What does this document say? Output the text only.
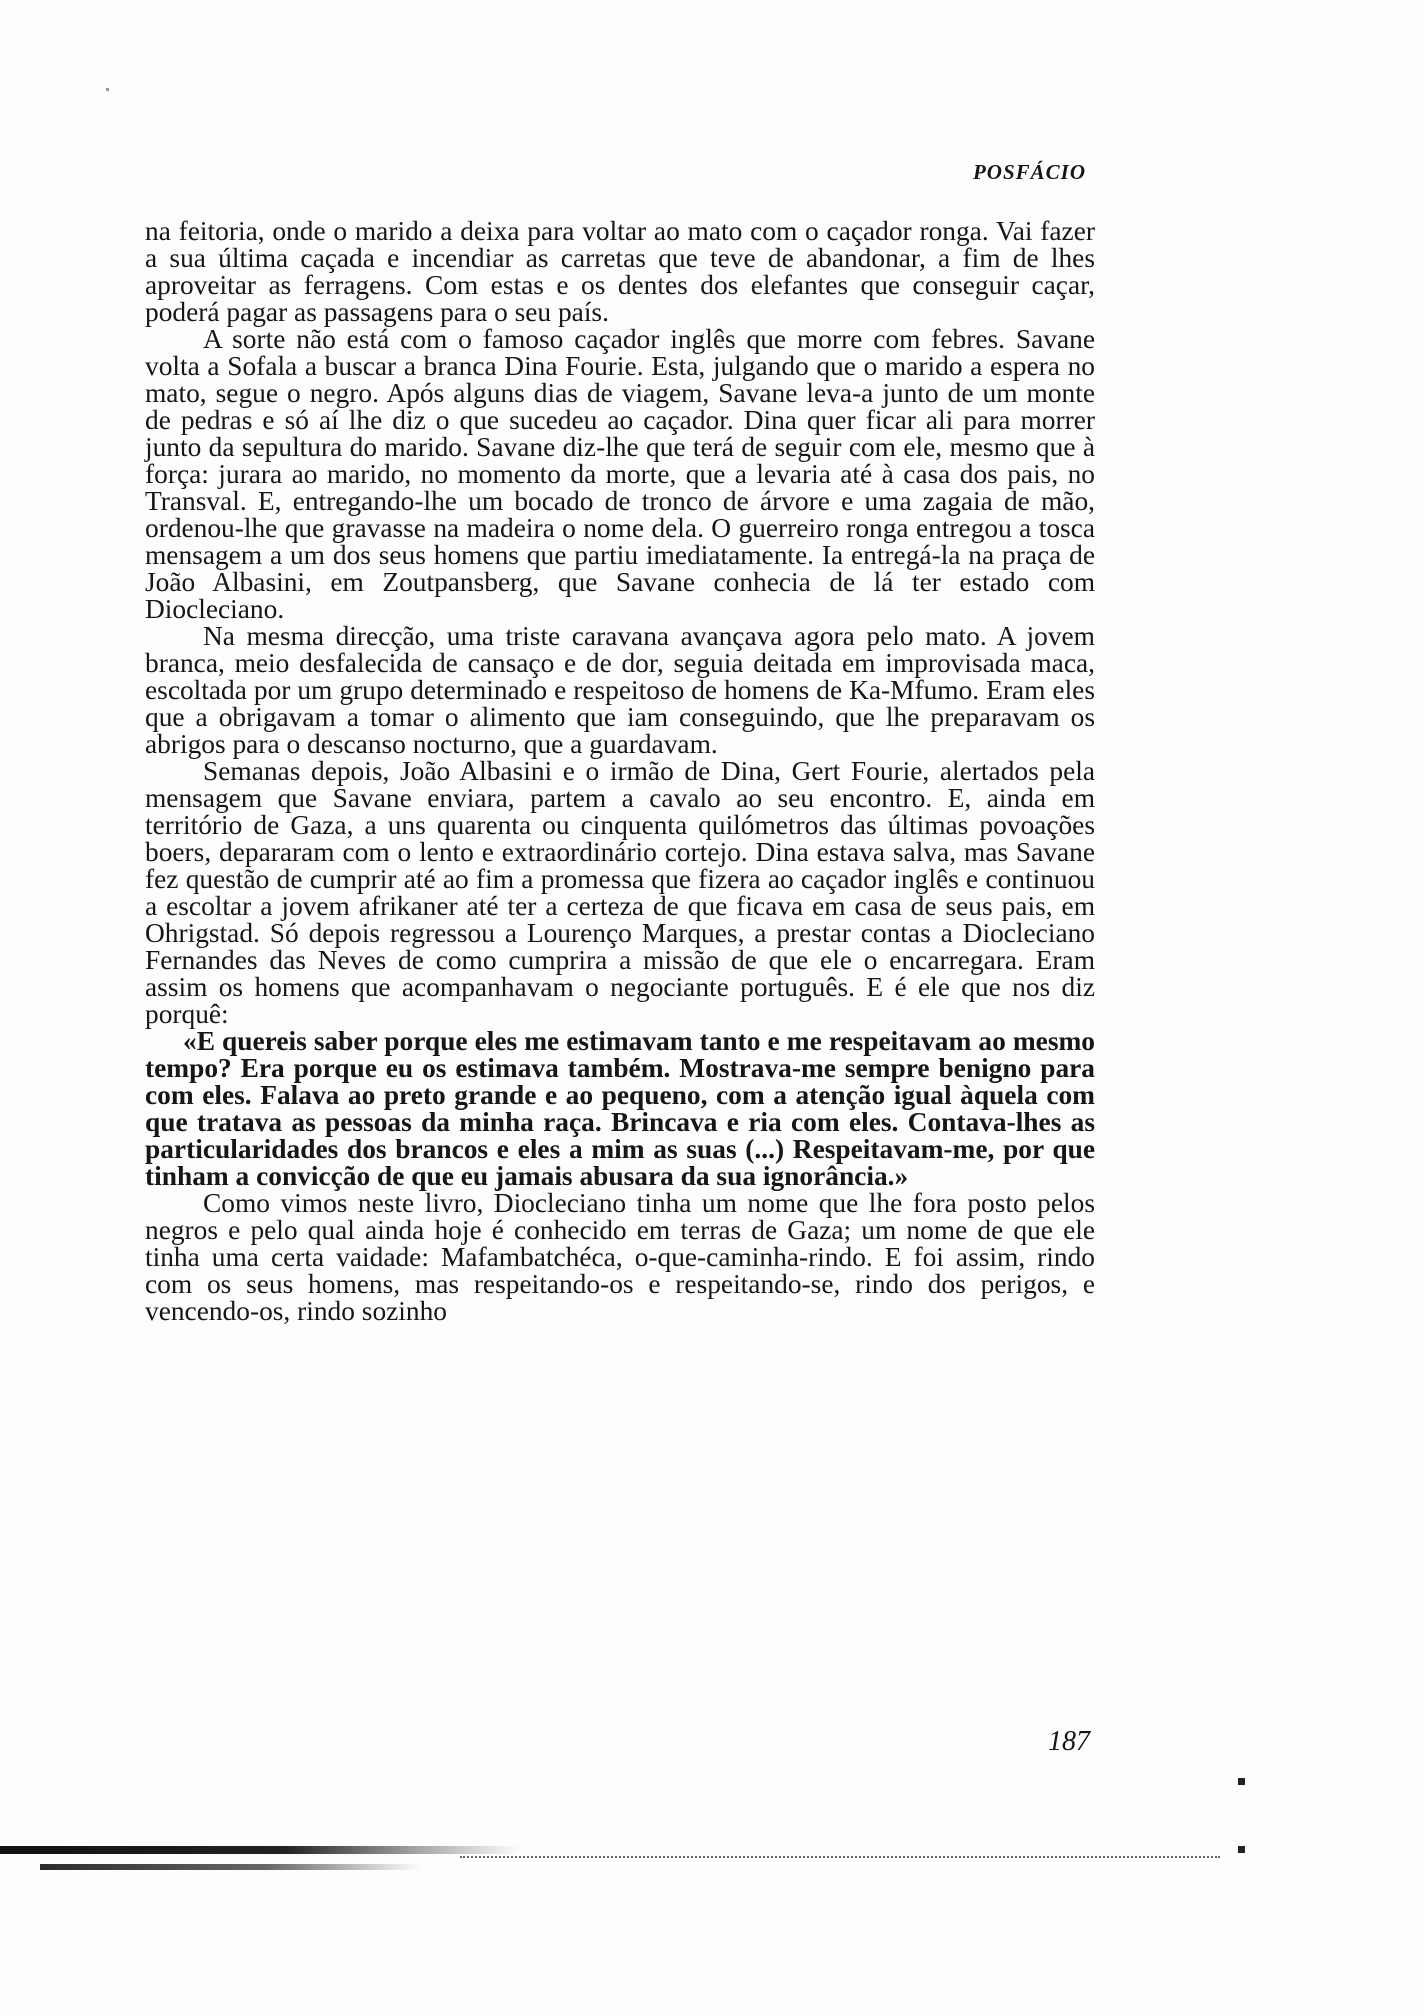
POSFÁCIO

na feitoria, onde o marido a deixa para voltar ao mato com o caçador ronga. Vai fazer a sua última caçada e incendiar as carretas que teve de abandonar, a fim de lhes aproveitar as ferragens. Com estas e os dentes dos elefantes que conseguir caçar, poderá pagar as passagens para o seu país.

A sorte não está com o famoso caçador inglês que morre com febres. Savane volta a Sofala a buscar a branca Dina Fourie. Esta, julgando que o marido a espera no mato, segue o negro. Após alguns dias de viagem, Savane leva-a junto de um monte de pedras e só aí lhe diz o que sucedeu ao caçador. Dina quer ficar ali para morrer junto da sepultura do marido. Savane diz-lhe que terá de seguir com ele, mesmo que à força: jurara ao marido, no momento da morte, que a levaria até à casa dos pais, no Transval. E, entregando-lhe um bocado de tronco de árvore e uma zagaia de mão, ordenou-lhe que gravasse na madeira o nome dela. O guerreiro ronga entregou a tosca mensagem a um dos seus homens que partiu imediatamente. Ia entregá-la na praça de João Albasini, em Zoutpansberg, que Savane conhecia de lá ter estado com Diocleciano.

Na mesma direcção, uma triste caravana avançava agora pelo mato. A jovem branca, meio desfalecida de cansaço e de dor, seguia deitada em improvisada maca, escoltada por um grupo determinado e respeitoso de homens de Ka-Mfumo. Eram eles que a obrigavam a tomar o alimento que iam conseguindo, que lhe preparavam os abrigos para o descanso nocturno, que a guardavam.

Semanas depois, João Albasini e o irmão de Dina, Gert Fourie, alertados pela mensagem que Savane enviara, partem a cavalo ao seu encontro. E, ainda em território de Gaza, a uns quarenta ou cinquenta quilómetros das últimas povoações boers, depararam com o lento e extraordinário cortejo. Dina estava salva, mas Savane fez questão de cumprir até ao fim a promessa que fizera ao caçador inglês e continuou a escoltar a jovem afrikaner até ter a certeza de que ficava em casa de seus pais, em Ohrigstad. Só depois regressou a Lourenço Marques, a prestar contas a Diocleciano Fernandes das Neves de como cumprira a missão de que ele o encarregara. Eram assim os homens que acompanhavam o negociante português. E é ele que nos diz porquê:

«E quereis saber porque eles me estimavam tanto e me respeitavam ao mesmo tempo? Era porque eu os estimava também. Mostrava-me sempre benigno para com eles. Falava ao preto grande e ao pequeno, com a atenção igual àquela com que tratava as pessoas da minha raça. Brincava e ria com eles. Contava-lhes as particularidades dos brancos e eles a mim as suas (...) Respeitavam-me, por que tinham a convicção de que eu jamais abusara da sua ignorância.»

Como vimos neste livro, Diocleciano tinha um nome que lhe fora posto pelos negros e pelo qual ainda hoje é conhecido em terras de Gaza; um nome de que ele tinha uma certa vaidade: Mafambatchéca, o-que-caminha-rindo. E foi assim, rindo com os seus homens, mas respeitando-os e respeitando-se, rindo dos perigos, e vencendo-os, rindo sozinho

187
